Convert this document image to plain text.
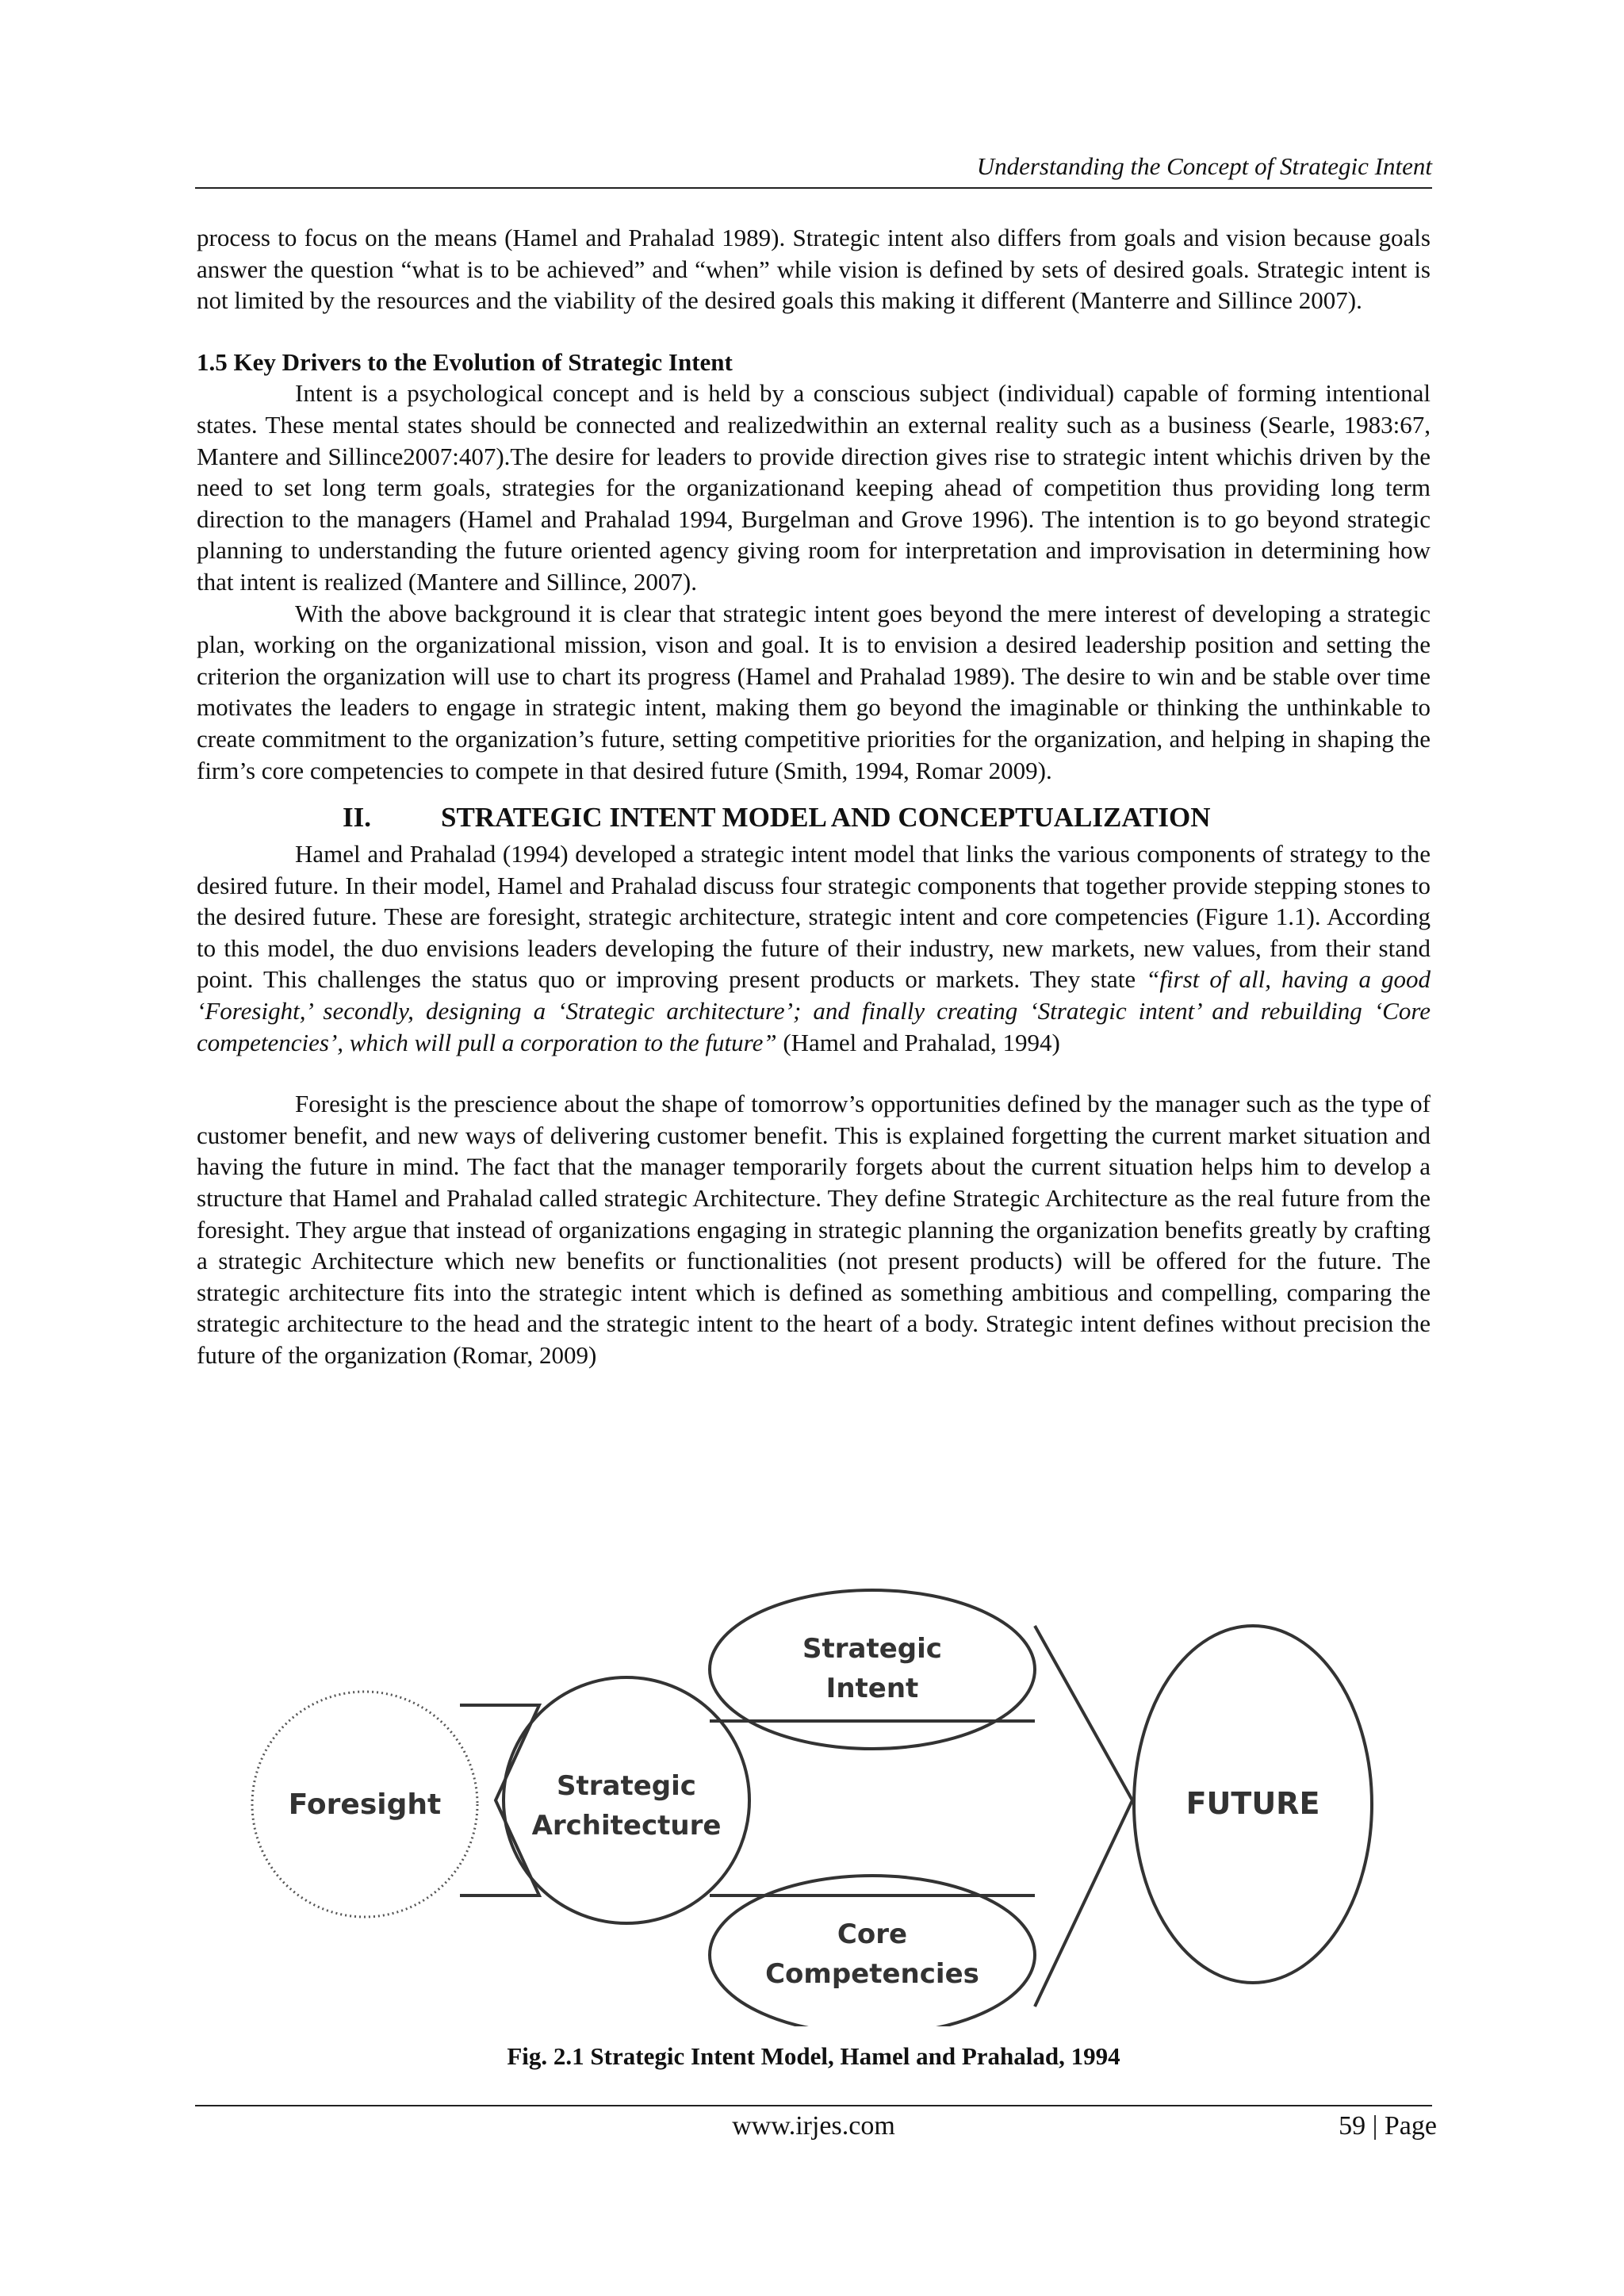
Understanding the Concept of Strategic Intent

process to focus on the means (Hamel and Prahalad 1989). Strategic intent also differs from goals and vision because goals answer the question “what is to be achieved” and “when” while vision is defined by sets of desired goals. Strategic intent is not limited by the resources and the viability of the desired goals this making it different (Manterre and Sillince 2007).

1.5 Key Drivers to the Evolution of Strategic Intent

Intent is a psychological concept and is held by a conscious subject (individual) capable of forming intentional states. These mental states should be connected and realizedwithin an external reality such as a business (Searle, 1983:67, Mantere and Sillince2007:407).The desire for leaders to provide direction gives rise to strategic intent whichis driven by the need to set long term goals, strategies for the organizationand keeping ahead of competition thus providing long term direction to the managers (Hamel and Prahalad 1994, Burgelman and Grove 1996). The intention is to go beyond strategic planning to understanding the future oriented agency giving room for interpretation and improvisation in determining how that intent is realized (Mantere and Sillince, 2007).

With the above background it is clear that strategic intent goes beyond the mere interest of developing a strategic plan, working on the organizational mission, vison and goal. It is to envision a desired leadership position and setting the criterion the organization will use to chart its progress (Hamel and Prahalad 1989). The desire to win and be stable over time motivates the leaders to engage in strategic intent, making them go beyond the imaginable or thinking the unthinkable to create commitment to the organization’s future, setting competitive priorities for the organization, and helping in shaping the firm’s core competencies to compete in that desired future (Smith, 1994, Romar 2009).

II.	STRATEGIC INTENT MODEL AND CONCEPTUALIZATION

Hamel and Prahalad (1994) developed a strategic intent model that links the various components of strategy to the desired future. In their model, Hamel and Prahalad discuss four strategic components that together provide stepping stones to the desired future. These are foresight, strategic architecture, strategic intent and core competencies (Figure 1.1). According to this model, the duo envisions leaders developing the future of their industry, new markets, new values, from their stand point. This challenges the status quo or improving present products or markets. They state “first of all, having a good ‘Foresight,’ secondly, designing a ‘Strategic architecture’; and finally creating ‘Strategic intent’ and rebuilding ‘Core competencies’, which will pull a corporation to the future” (Hamel and Prahalad, 1994)

Foresight is the prescience about the shape of tomorrow’s opportunities defined by the manager such as the type of customer benefit, and new ways of delivering customer benefit. This is explained forgetting the current market situation and having the future in mind. The fact that the manager temporarily forgets about the current situation helps him to develop a structure that Hamel and Prahalad called strategic Architecture. They define Strategic Architecture as the real future from the foresight. They argue that instead of organizations engaging in strategic planning the organization benefits greatly by crafting a strategic Architecture which new benefits or functionalities (not present products) will be offered for the future. The strategic architecture fits into the strategic intent which is defined as something ambitious and compelling, comparing the strategic architecture to the head and the strategic intent to the heart of a body. Strategic intent defines without precision the future of the organization (Romar, 2009)

Foresight
Strategic
Architecture
Strategic
Intent
Core
Competencies
FUTURE
Fig. 2.1 Strategic Intent Model, Hamel and Prahalad, 1994
www.irjes.com	59 | Page
